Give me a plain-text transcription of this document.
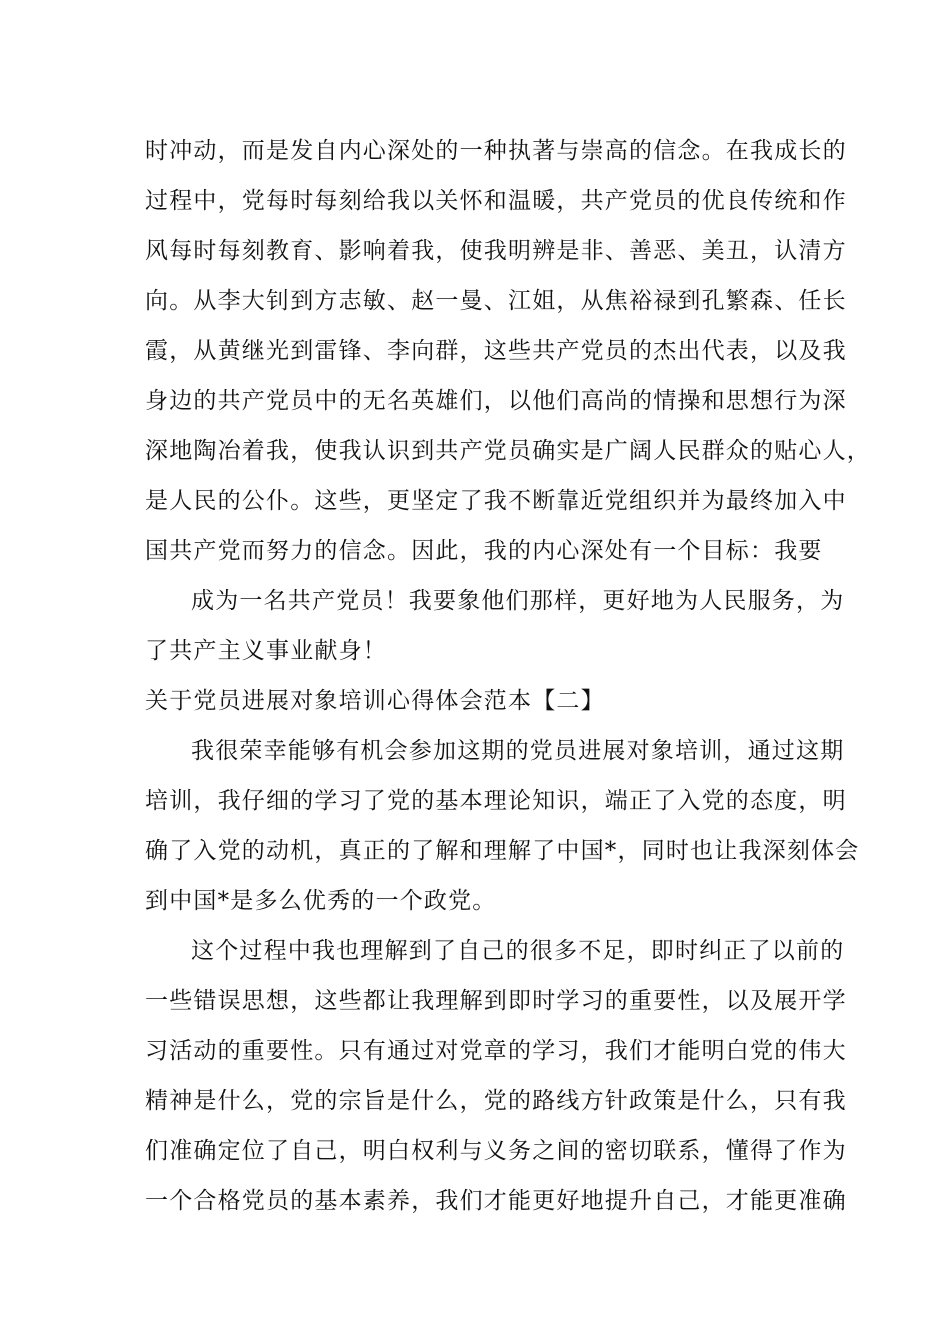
时冲动，而是发自内心深处的一种执著与崇高的信念。在我成长的

过程中，党每时每刻给我以关怀和温暖，共产党员的优良传统和作

风每时每刻教育、影响着我，使我明辨是非、善恶、美丑，认清方

向。从李大钊到方志敏、赵一曼、江姐，从焦裕禄到孔繁森、任长

霞，从黄继光到雷锋、李向群，这些共产党员的杰出代表，以及我

身边的共产党员中的无名英雄们，以他们高尚的情操和思想行为深

深地陶冶着我，使我认识到共产党员确实是广阔人民群众的贴心人，

是人民的公仆。这些，更坚定了我不断靠近党组织并为最终加入中

国共产党而努力的信念。因此，我的内心深处有一个目标：我要

成为一名共产党员！我要象他们那样，更好地为人民服务，为

了共产主义事业献身！

关于党员进展对象培训心得体会范本【二】

我很荣幸能够有机会参加这期的党员进展对象培训，通过这期

培训，我仔细的学习了党的基本理论知识，端正了入党的态度，明

确了入党的动机，真正的了解和理解了中国*，同时也让我深刻体会

到中国*是多么优秀的一个政党。

这个过程中我也理解到了自己的很多不足，即时纠正了以前的

一些错误思想，这些都让我理解到即时学习的重要性，以及展开学

习活动的重要性。只有通过对党章的学习，我们才能明白党的伟大

精神是什么，党的宗旨是什么，党的路线方针政策是什么，只有我

们准确定位了自己，明白权利与义务之间的密切联系，懂得了作为

一个合格党员的基本素养，我们才能更好地提升自己，才能更准确
